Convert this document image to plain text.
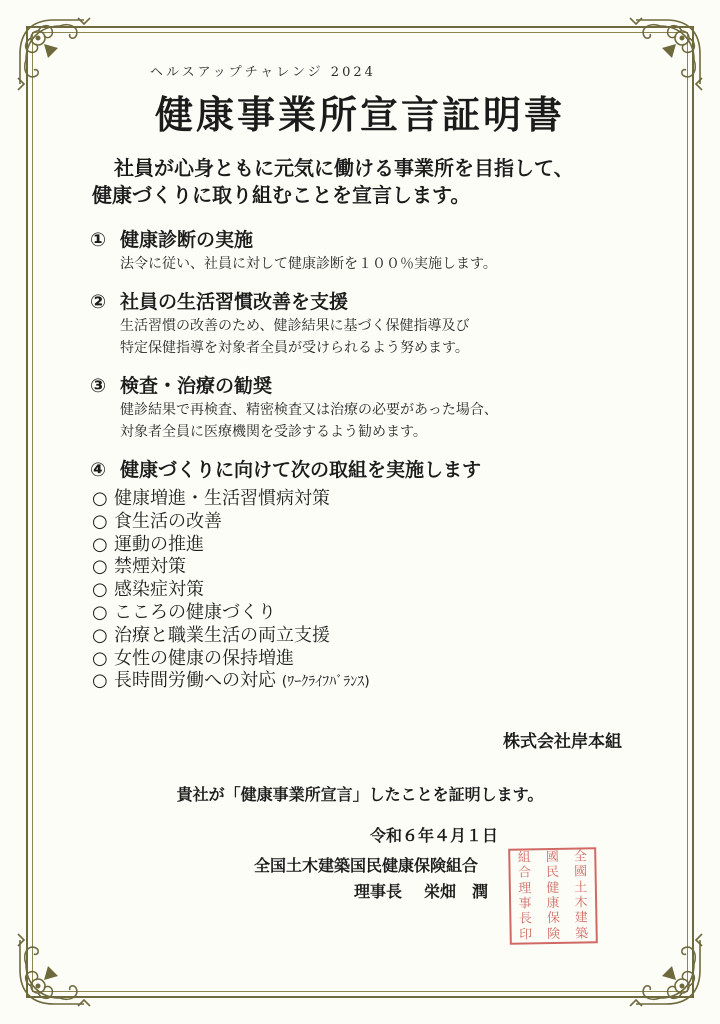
ヘルスアップチャレンジ 2024
健康事業所宣言証明書
社員が心身ともに元気に働ける事業所を目指して、
健康づくりに取り組むことを宣言します。
① 健康診断の実施
法令に従い、社員に対して健康診断を１００％実施します。
② 社員の生活習慣改善を支援
生活習慣の改善のため、健診結果に基づく保健指導及び
特定保健指導を対象者全員が受けられるよう努めます。
③ 検査・治療の勧奨
健診結果で再検査、精密検査又は治療の必要があった場合、
対象者全員に医療機関を受診するよう勧めます。
④ 健康づくりに向けて次の取組を実施します
○ 健康増進・生活習慣病対策
○ 食生活の改善
○ 運動の推進
○ 禁煙対策
○ 感染症対策
○ こころの健康づくり
○ 治療と職業生活の両立支援
○ 女性の健康の保持増進
○ 長時間労働への対応 (ﾜｰｸﾗｲﾌﾊﾞﾗﾝｽ)
株式会社岸本組
貴社が「健康事業所宣言」したことを証明します。
令和６年４月１日
全国土木建築国民健康保険組合
理事長 栄畑　潤
組
合
理
事
長
印
國
民
健
康
保
険
全
國
土
木
建
築
